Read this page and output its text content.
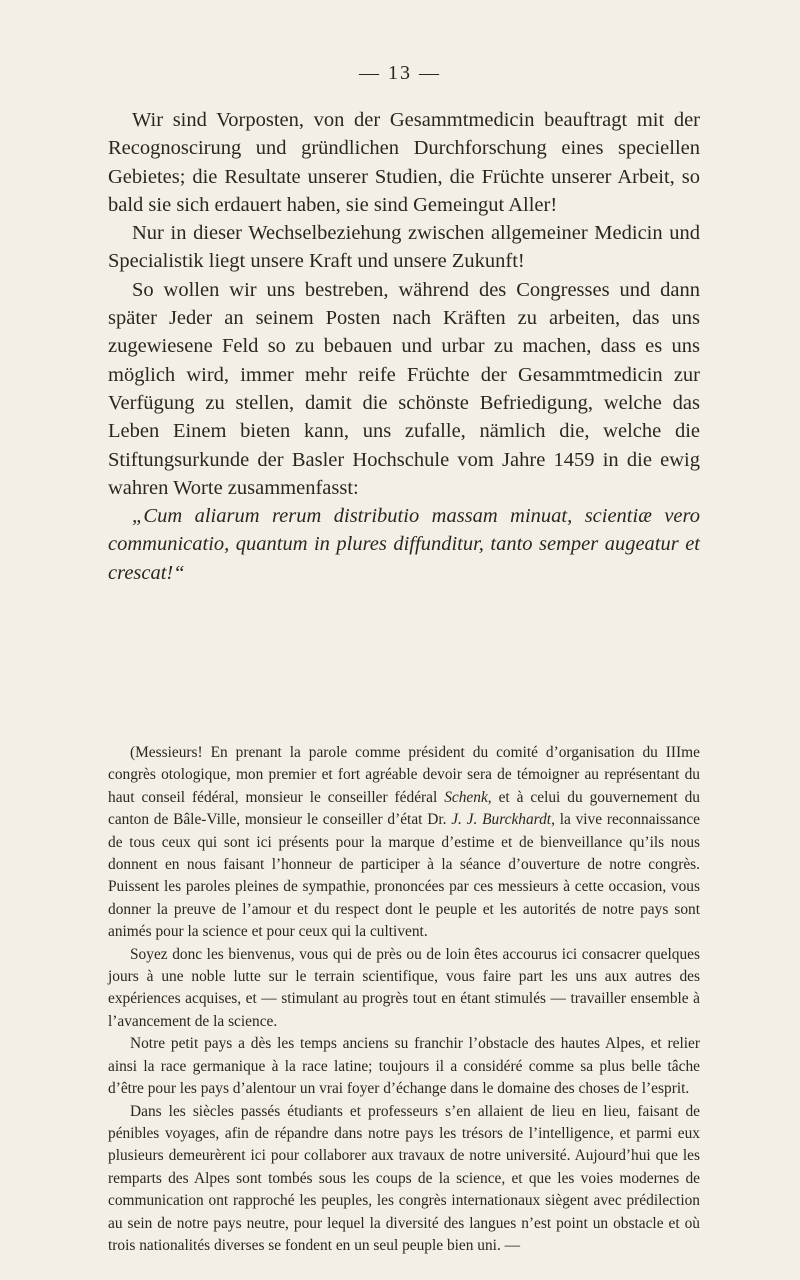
— 13 —

Wir sind Vorposten, von der Gesammtmedicin beauftragt mit der Recognoscirung und gründlichen Durchforschung eines speciellen Gebietes; die Resultate unserer Studien, die Früchte unserer Arbeit, so bald sie sich erdauert haben, sie sind Gemeingut Aller!

Nur in dieser Wechselbeziehung zwischen allgemeiner Medicin und Specialistik liegt unsere Kraft und unsere Zukunft!

So wollen wir uns bestreben, während des Congresses und dann später Jeder an seinem Posten nach Kräften zu arbeiten, das uns zugewiesene Feld so zu bebauen und urbar zu machen, dass es uns möglich wird, immer mehr reife Früchte der Gesammtmedicin zur Verfügung zu stellen, damit die schönste Befriedigung, welche das Leben Einem bieten kann, uns zufalle, nämlich die, welche die Stiftungsurkunde der Basler Hochschule vom Jahre 1459 in die ewig wahren Worte zusammenfasst:

„Cum aliarum rerum distributio massam minuat, scientiæ vero communicatio, quantum in plures diffunditur, tanto semper augeatur et crescat!“

(Messieurs! En prenant la parole comme président du comité d’organisation du IIIme congrès otologique, mon premier et fort agréable devoir sera de témoigner au représentant du haut conseil fédéral, monsieur le conseiller fédéral Schenk, et à celui du gouvernement du canton de Bâle-Ville, monsieur le conseiller d’état Dr. J. J. Burckhardt, la vive reconnaissance de tous ceux qui sont ici présents pour la marque d’estime et de bienveillance qu’ils nous donnent en nous faisant l’honneur de participer à la séance d’ouverture de notre congrès. Puissent les paroles pleines de sympathie, prononcées par ces messieurs à cette occasion, vous donner la preuve de l’amour et du respect dont le peuple et les autorités de notre pays sont animés pour la science et pour ceux qui la cultivent.

Soyez donc les bienvenus, vous qui de près ou de loin êtes accourus ici consacrer quelques jours à une noble lutte sur le terrain scientifique, vous faire part les uns aux autres des expériences acquises, et — stimulant au progrès tout en étant stimulés — travailler ensemble à l’avancement de la science.

Notre petit pays a dès les temps anciens su franchir l’obstacle des hautes Alpes, et relier ainsi la race germanique à la race latine; toujours il a considéré comme sa plus belle tâche d’être pour les pays d’alentour un vrai foyer d’échange dans le domaine des choses de l’esprit.

Dans les siècles passés étudiants et professeurs s’en allaient de lieu en lieu, faisant de pénibles voyages, afin de répandre dans notre pays les trésors de l’intelligence, et parmi eux plusieurs demeurèrent ici pour collaborer aux travaux de notre université. Aujourd’hui que les remparts des Alpes sont tombés sous les coups de la science, et que les voies modernes de communication ont rapproché les peuples, les congrès internationaux siègent avec prédilection au sein de notre pays neutre, pour lequel la diversité des langues n’est point un obstacle et où trois nationalités diverses se fondent en un seul peuple bien uni. —
